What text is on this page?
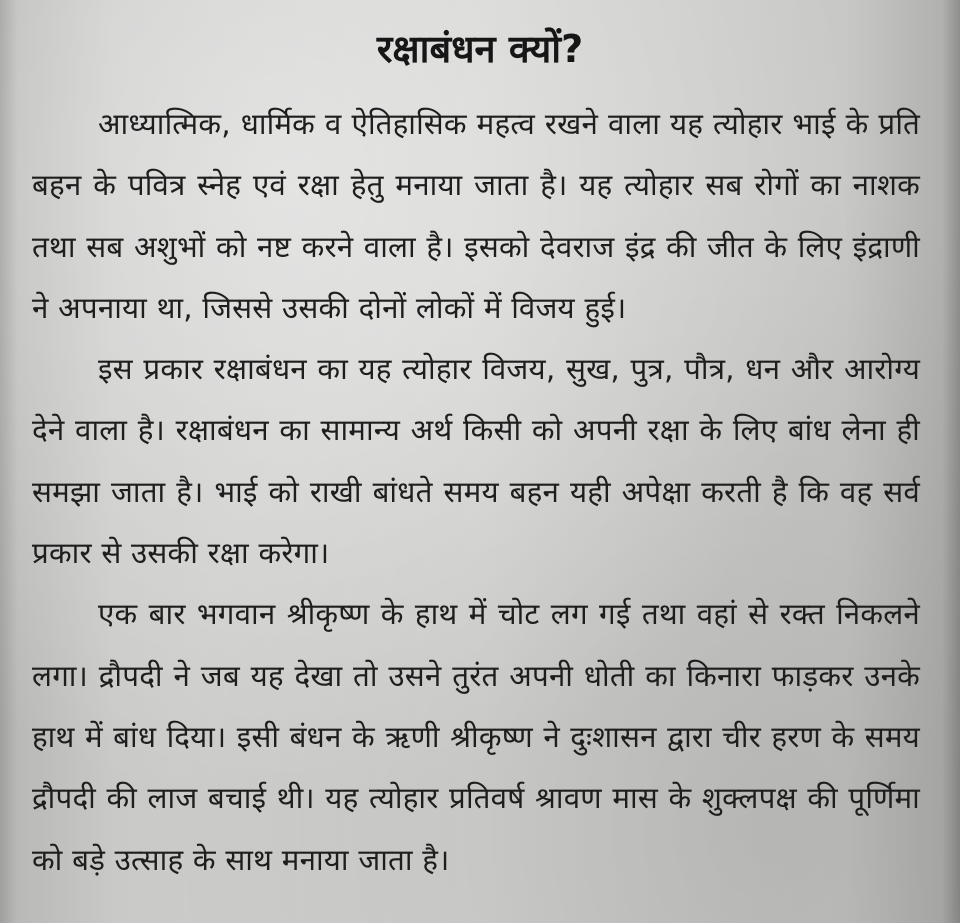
रक्षाबंधन क्यों?

आध्यात्मिक, धार्मिक व ऐतिहासिक महत्व रखने वाला यह त्योहार भाई के प्रति बहन के पवित्र स्नेह एवं रक्षा हेतु मनाया जाता है। यह त्योहार सब रोगों का नाशक तथा सब अशुभों को नष्ट करने वाला है। इसको देवराज इंद्र की जीत के लिए इंद्राणी ने अपनाया था, जिससे उसकी दोनों लोकों में विजय हुई।

इस प्रकार रक्षाबंधन का यह त्योहार विजय, सुख, पुत्र, पौत्र, धन और आरोग्य देने वाला है। रक्षाबंधन का सामान्य अर्थ किसी को अपनी रक्षा के लिए बांध लेना ही समझा जाता है। भाई को राखी बांधते समय बहन यही अपेक्षा करती है कि वह सर्व प्रकार से उसकी रक्षा करेगा।

एक बार भगवान श्रीकृष्ण के हाथ में चोट लग गई तथा वहां से रक्त निकलने लगा। द्रौपदी ने जब यह देखा तो उसने तुरंत अपनी धोती का किनारा फाड़कर उनके हाथ में बांध दिया। इसी बंधन के ऋणी श्रीकृष्ण ने दुःशासन द्वारा चीर हरण के समय द्रौपदी की लाज बचाई थी। यह त्योहार प्रतिवर्ष श्रावण मास के शुक्लपक्ष की पूर्णिमा को बड़े उत्साह के साथ मनाया जाता है।
